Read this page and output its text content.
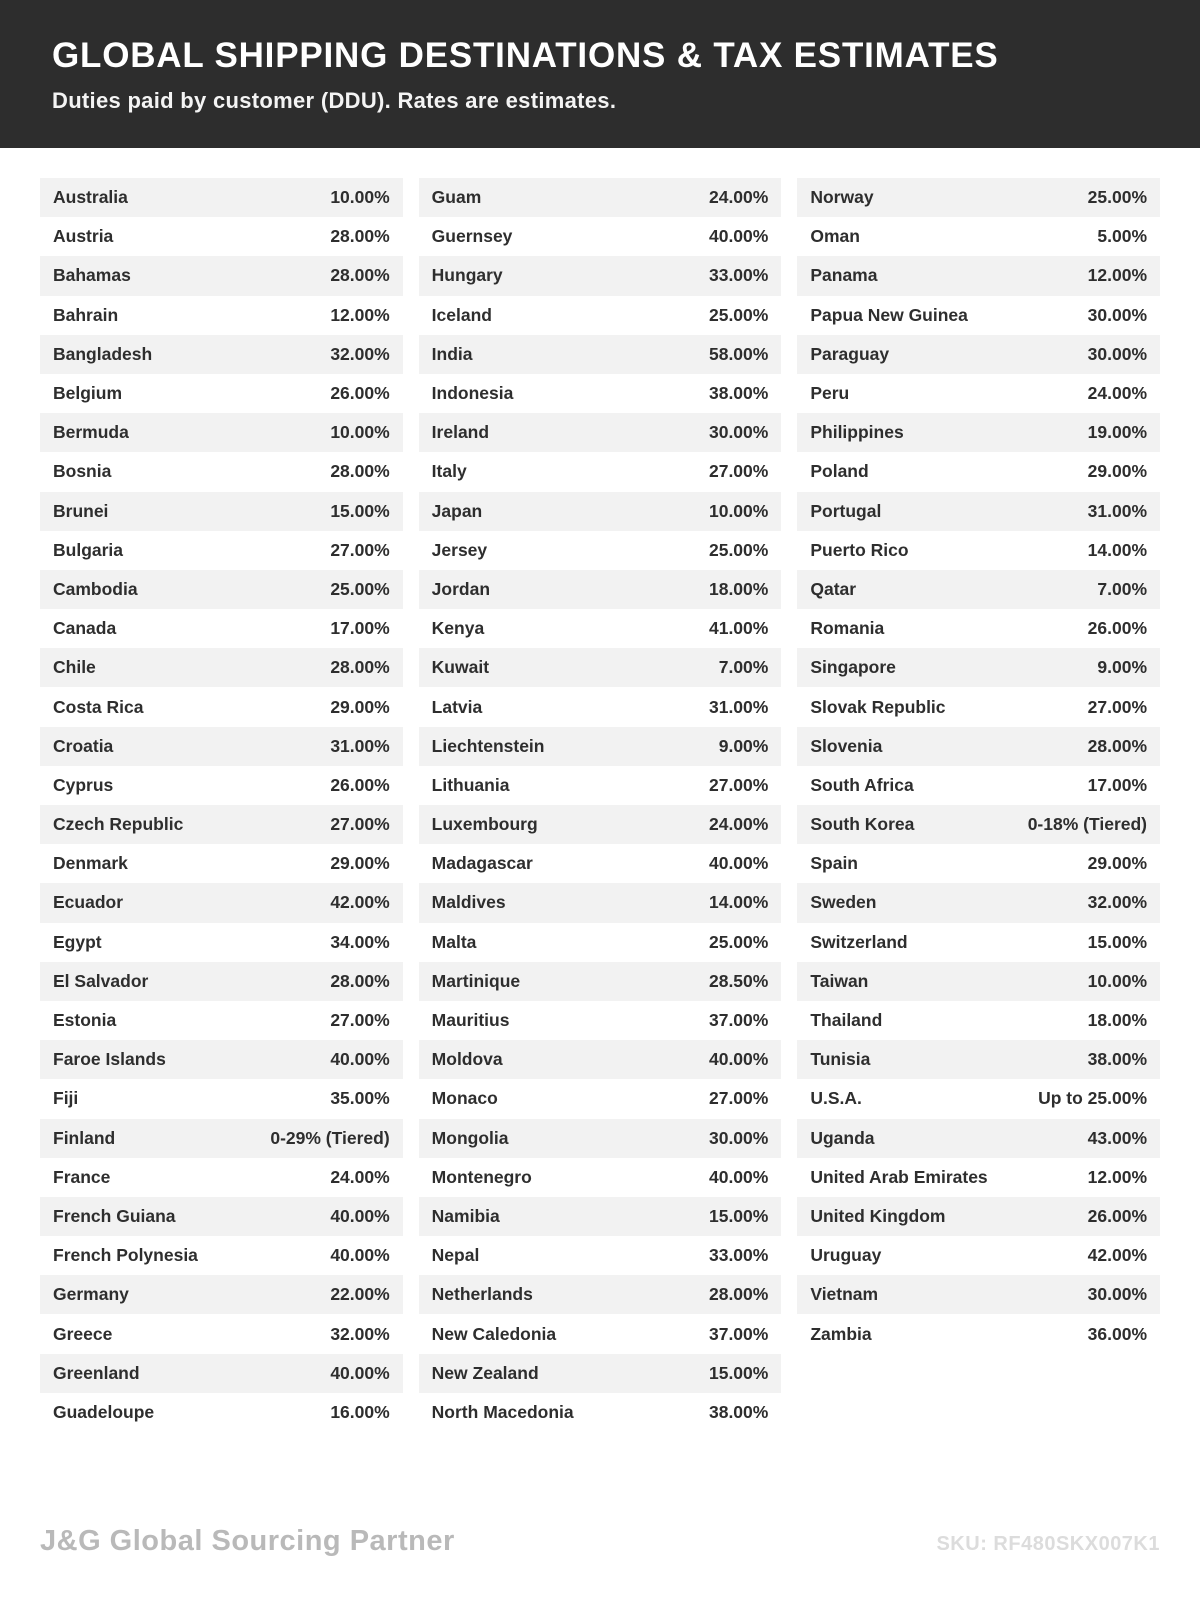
GLOBAL SHIPPING DESTINATIONS & TAX ESTIMATES
Duties paid by customer (DDU). Rates are estimates.
Australia	10.00%
Austria	28.00%
Bahamas	28.00%
Bahrain	12.00%
Bangladesh	32.00%
Belgium	26.00%
Bermuda	10.00%
Bosnia	28.00%
Brunei	15.00%
Bulgaria	27.00%
Cambodia	25.00%
Canada	17.00%
Chile	28.00%
Costa Rica	29.00%
Croatia	31.00%
Cyprus	26.00%
Czech Republic	27.00%
Denmark	29.00%
Ecuador	42.00%
Egypt	34.00%
El Salvador	28.00%
Estonia	27.00%
Faroe Islands	40.00%
Fiji	35.00%
Finland	0-29% (Tiered)
France	24.00%
French Guiana	40.00%
French Polynesia	40.00%
Germany	22.00%
Greece	32.00%
Greenland	40.00%
Guadeloupe	16.00%
Guam	24.00%
Guernsey	40.00%
Hungary	33.00%
Iceland	25.00%
India	58.00%
Indonesia	38.00%
Ireland	30.00%
Italy	27.00%
Japan	10.00%
Jersey	25.00%
Jordan	18.00%
Kenya	41.00%
Kuwait	7.00%
Latvia	31.00%
Liechtenstein	9.00%
Lithuania	27.00%
Luxembourg	24.00%
Madagascar	40.00%
Maldives	14.00%
Malta	25.00%
Martinique	28.50%
Mauritius	37.00%
Moldova	40.00%
Monaco	27.00%
Mongolia	30.00%
Montenegro	40.00%
Namibia	15.00%
Nepal	33.00%
Netherlands	28.00%
New Caledonia	37.00%
New Zealand	15.00%
North Macedonia	38.00%
Norway	25.00%
Oman	5.00%
Panama	12.00%
Papua New Guinea	30.00%
Paraguay	30.00%
Peru	24.00%
Philippines	19.00%
Poland	29.00%
Portugal	31.00%
Puerto Rico	14.00%
Qatar	7.00%
Romania	26.00%
Singapore	9.00%
Slovak Republic	27.00%
Slovenia	28.00%
South Africa	17.00%
South Korea	0-18% (Tiered)
Spain	29.00%
Sweden	32.00%
Switzerland	15.00%
Taiwan	10.00%
Thailand	18.00%
Tunisia	38.00%
U.S.A.	Up to 25.00%
Uganda	43.00%
United Arab Emirates	12.00%
United Kingdom	26.00%
Uruguay	42.00%
Vietnam	30.00%
Zambia	36.00%
J&G Global Sourcing Partner	SKU: RF480SKX007K1
